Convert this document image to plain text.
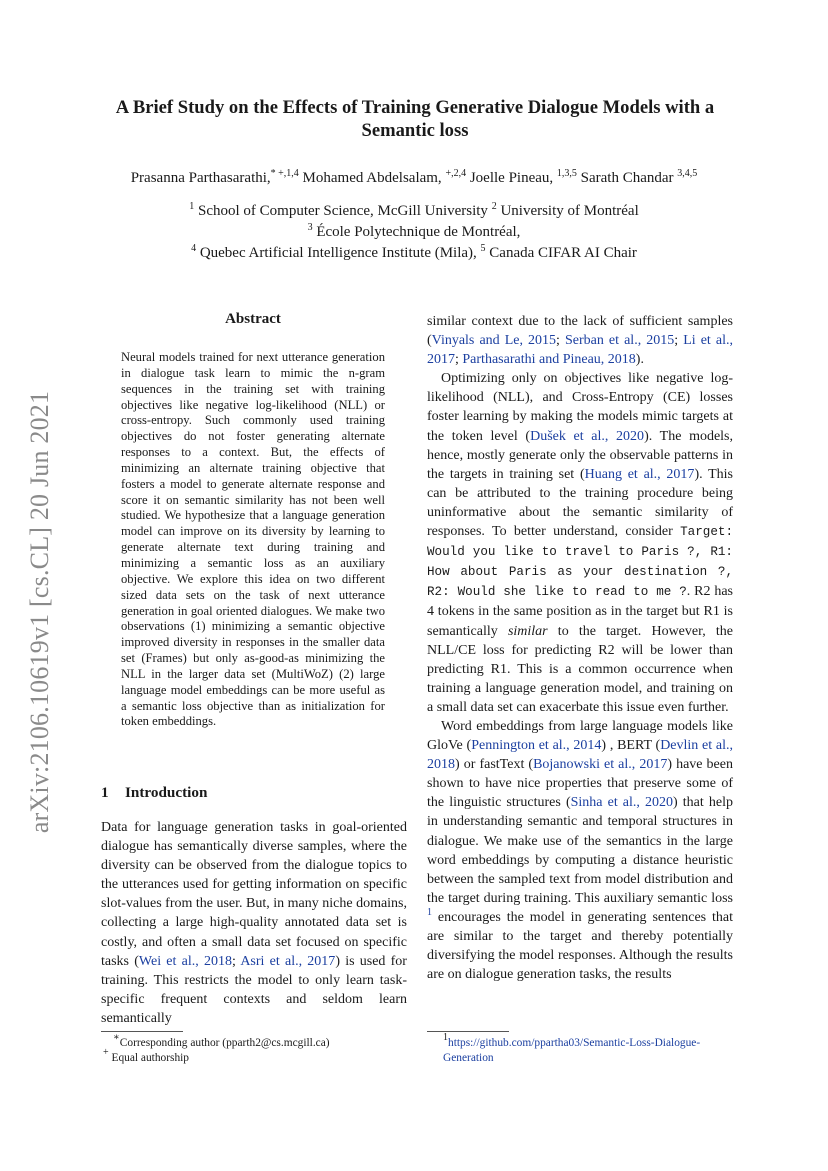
arXiv:2106.10619v1 [cs.CL] 20 Jun 2021
A Brief Study on the Effects of Training Generative Dialogue Models with a Semantic loss
Prasanna Parthasarathi,$^{* +,1,4}$ Mohamed Abdelsalam, $^{+,2,4}$ Joelle Pineau, $^{1,3,5}$ Sarath Chandar $^{3,4,5}$
$^1$ School of Computer Science, McGill University $^2$ University of Montréal
$^3$ École Polytechnique de Montréal,
$^4$ Quebec Artificial Intelligence Institute (Mila), $^5$ Canada CIFAR AI Chair
Abstract
Neural models trained for next utterance generation in dialogue task learn to mimic the n-gram sequences in the training set with training objectives like negative log-likelihood (NLL) or cross-entropy. Such commonly used training objectives do not foster generating alternate responses to a context. But, the effects of minimizing an alternate training objective that fosters a model to generate alternate response and score it on semantic similarity has not been well studied. We hypothesize that a language generation model can improve on its diversity by learning to generate alternate text during training and minimizing a semantic loss as an auxiliary objective. We explore this idea on two different sized data sets on the task of next utterance generation in goal oriented dialogues. We make two observations (1) minimizing a semantic objective improved diversity in responses in the smaller data set (Frames) but only as-good-as minimizing the NLL in the larger data set (MultiWoZ) (2) large language model embeddings can be more useful as a semantic loss objective than as initialization for token embeddings.
1 Introduction

Data for language generation tasks in goal-oriented dialogue has semantically diverse samples, where the diversity can be observed from the dialogue topics to the utterances used for getting information on specific slot-values from the user. But, in many niche domains, collecting a large high-quality annotated data set is costly, and often a small data set focused on specific tasks (Wei et al., 2018; Asri et al., 2017) is used for training. This restricts the model to only learn task-specific frequent contexts and seldom learn semantically

similar context due to the lack of sufficient samples (Vinyals and Le, 2015; Serban et al., 2015; Li et al., 2017; Parthasarathi and Pineau, 2018).

Optimizing only on objectives like negative log-likelihood (NLL), and Cross-Entropy (CE) losses foster learning by making the models mimic targets at the token level (Dušek et al., 2020). The models, hence, mostly generate only the observable patterns in the targets in training set (Huang et al., 2017). This can be attributed to the training procedure being uninformative about the semantic similarity of responses. To better understand, consider Target: Would you like to travel to Paris ?, R1: How about Paris as your destination ?, R2: Would she like to read to me ?. R2 has 4 tokens in the same position as in the target but R1 is semantically similar to the target. However, the NLL/CE loss for predicting R2 will be lower than predicting R1. This is a common occurrence when training a language generation model, and training on a small data set can exacerbate this issue even further.

Word embeddings from large language models like GloVe (Pennington et al., 2014) , BERT (Devlin et al., 2018) or fastText (Bojanowski et al., 2017) have been shown to have nice properties that preserve some of the linguistic structures (Sinha et al., 2020) that help in understanding semantic and temporal structures in dialogue. We make use of the semantics in the large word embeddings by computing a distance heuristic between the sampled text from model distribution and the target during training. This auxiliary semantic loss $^1$ encourages the model in generating sentences that are similar to the target and thereby potentially diversifying the model responses. Although the results are on dialogue generation tasks, the results

∗Corresponding author (pparth2@cs.mcgill.ca)
+ Equal authorship
$^1$https://github.com/ppartha03/Semantic-Loss-Dialogue-Generation
